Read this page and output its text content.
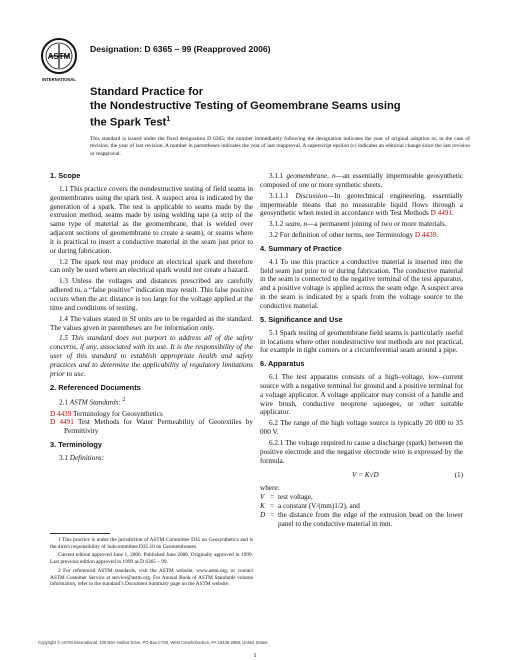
ASTM
INTERNATIONAL
Designation: D 6365 – 99 (Reapproved 2006)
Standard Practice for
the Nondestructive Testing of Geomembrane Seams using
the Spark Test$^1$
This standard is issued under the fixed designation D 6365; the number immediately following the designation indicates the year of original adoption or, in the case of revision, the year of last revision. A number in parentheses indicates the year of last reapproval. A superscript epsilon (ε) indicates an editorial change since the last revision or reapproval.
1. Scope

1.1 This practice covers the nondestructive testing of field seams in geomembranes using the spark test. A suspect area is indicated by the generation of a spark. The test is applicable to seams made by the extrusion method, seams made by using welding tape (a strip of the same type of material as the geomembrane, that is welded over adjacent sections of geomembrane to create a seam), or seams where it is practical to insert a conductive material in the seam just prior to or during fabrication.

1.2 The spark test may produce an electrical spark and therefore can only be used where an electrical spark would not create a hazard.

1.3 Unless the voltages and distances prescribed are carefully adhered to, a “false positive” indication may result. This false positive occurs when the arc distance is too large for the voltage applied at the time and conditions of testing.

1.4 The values stated in SI units are to be regarded as the standard. The values given in parentheses are for information only.

1.5 This standard does not purport to address all of the safety concerns, if any, associated with its use. It is the responsibility of the user of this standard to establish appropriate health and safety practices and to determine the applicability of regulatory limitations prior to use.

2. Referenced Documents

2.1 ASTM Standards: $^2$

D 4439 Terminology for Geosynthetics
D 4491 Test Methods for Water Permeability of Geotextiles by Permittivity
3. Terminology

3.1 Definitions:

3.1.1 geomembrane, n—an essentially impermeable geosynthetic composed of one or more synthetic sheets.

3.1.1.1 Discussion—In geotechnical engineering, essentially impermeable means that no measurable liquid flows through a geosynthetic when tested in accordance with Test Methods D 4491.

3.1.2 seam, n—a permanent joining of two or more materials.

3.2 For definition of other terms, see Terminology D 4439.

4. Summary of Practice

4.1 To use this practice a conductive material is inserted into the field seam just prior to or during fabrication. The conductive material in the seam is connected to the negative terminal of the test apparatus, and a positive voltage is applied across the seam edge. A suspect area in the seam is indicated by a spark from the voltage source to the conductive material.

5. Significance and Use

5.1 Spark testing of geomembrane field seams is particularly useful in locations where other nondestructive test methods are not practical, for example in tight corners or a circumferential seam around a pipe.

6. Apparatus

6.1 The test apparatus consists of a high–voltage, low–current source with a negative terminal for ground and a positive terminal for a voltage applicator. A voltage applicator may consist of a handle and wire brush, conductive neoprene squeegee, or other suitable applicator.

6.2 The range of the high voltage source is typically 20 000 to 35 000 V.

6.2.1 The voltage required to cause a discharge (spark) between the positive electrode and the negative electrode wire is expressed by the formula.

V = K√D	(1)
where:
V = test voltage,
K = a constant (V/(mm)1/2), and
D = the distance from the edge of the extrusion bead on the lower panel to the conductive material in mm.

1 This practice is under the jurisdiction of ASTM Committee D35 on Geosynthetics and is the direct responsibility of Subcommittee D35.10 on Geomembranes.

Current edition approved June 1, 2006. Published June 2006. Originally approved in 1999. Last previous edition approved in 1999 as D 6365 – 99.

2 For referenced ASTM standards, visit the ASTM website, www.astm.org, or contact ASTM Customer Service at service@astm.org. For Annual Book of ASTM Standards volume information, refer to the standard’s Document Summary page on the ASTM website.

Copyright © ASTM International, 100 Barr Harbor Drive, PO Box C700, West Conshohocken, PA 19428-2959, United States.
1
